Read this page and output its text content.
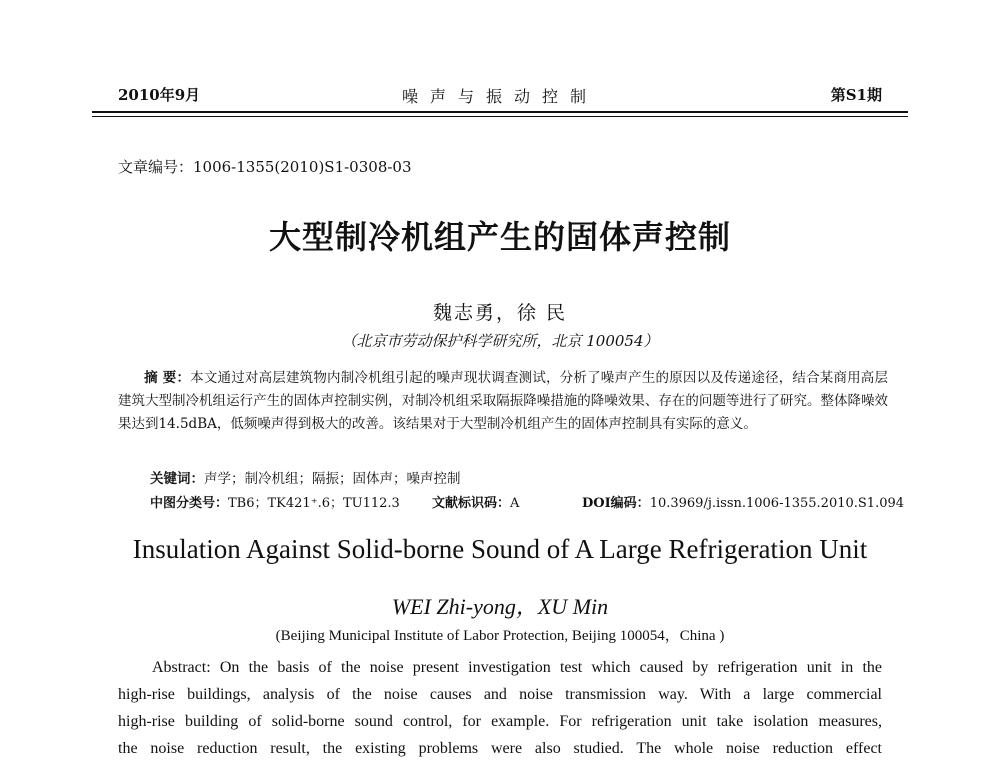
2010年9月	噪声与振动控制	第S1期
文章编号：1006-1355(2010)S1-0308-03
大型制冷机组产生的固体声控制
魏志勇，徐 民
（北京市劳动保护科学研究所，北京 100054）
摘 要：本文通过对高层建筑物内制冷机组引起的噪声现状调查测试，分析了噪声产生的原因以及传递途径，结合某商用高层建筑大型制冷机组运行产生的固体声控制实例，对制冷机组采取隔振降噪措施的降噪效果、存在的问题等进行了研究。整体降噪效果达到14.5dBA，低频噪声得到极大的改善。该结果对于大型制冷机组产生的固体声控制具有实际的意义。
关键词：声学；制冷机组；隔振；固体声；噪声控制
中图分类号：TB6；TK421⁺.6；TU112.3 文献标识码：A	DOI编码：10.3969/j.issn.1006-1355.2010.S1.094
Insulation Against Solid-borne Sound of A Large Refrigeration Unit
WEI Zhi-yong，XU Min
(Beijing Municipal Institute of Labor Protection, Beijing 100054，China )
Abstract: On the basis of the noise present investigation test which caused by refrigeration unit in the
high-rise buildings, analysis of the noise causes and noise transmission way. With a large commercial
high-rise building of solid-borne sound control, for example. For refrigeration unit take isolation measures,
the noise reduction result, the existing problems were also studied. The whole noise reduction effect
